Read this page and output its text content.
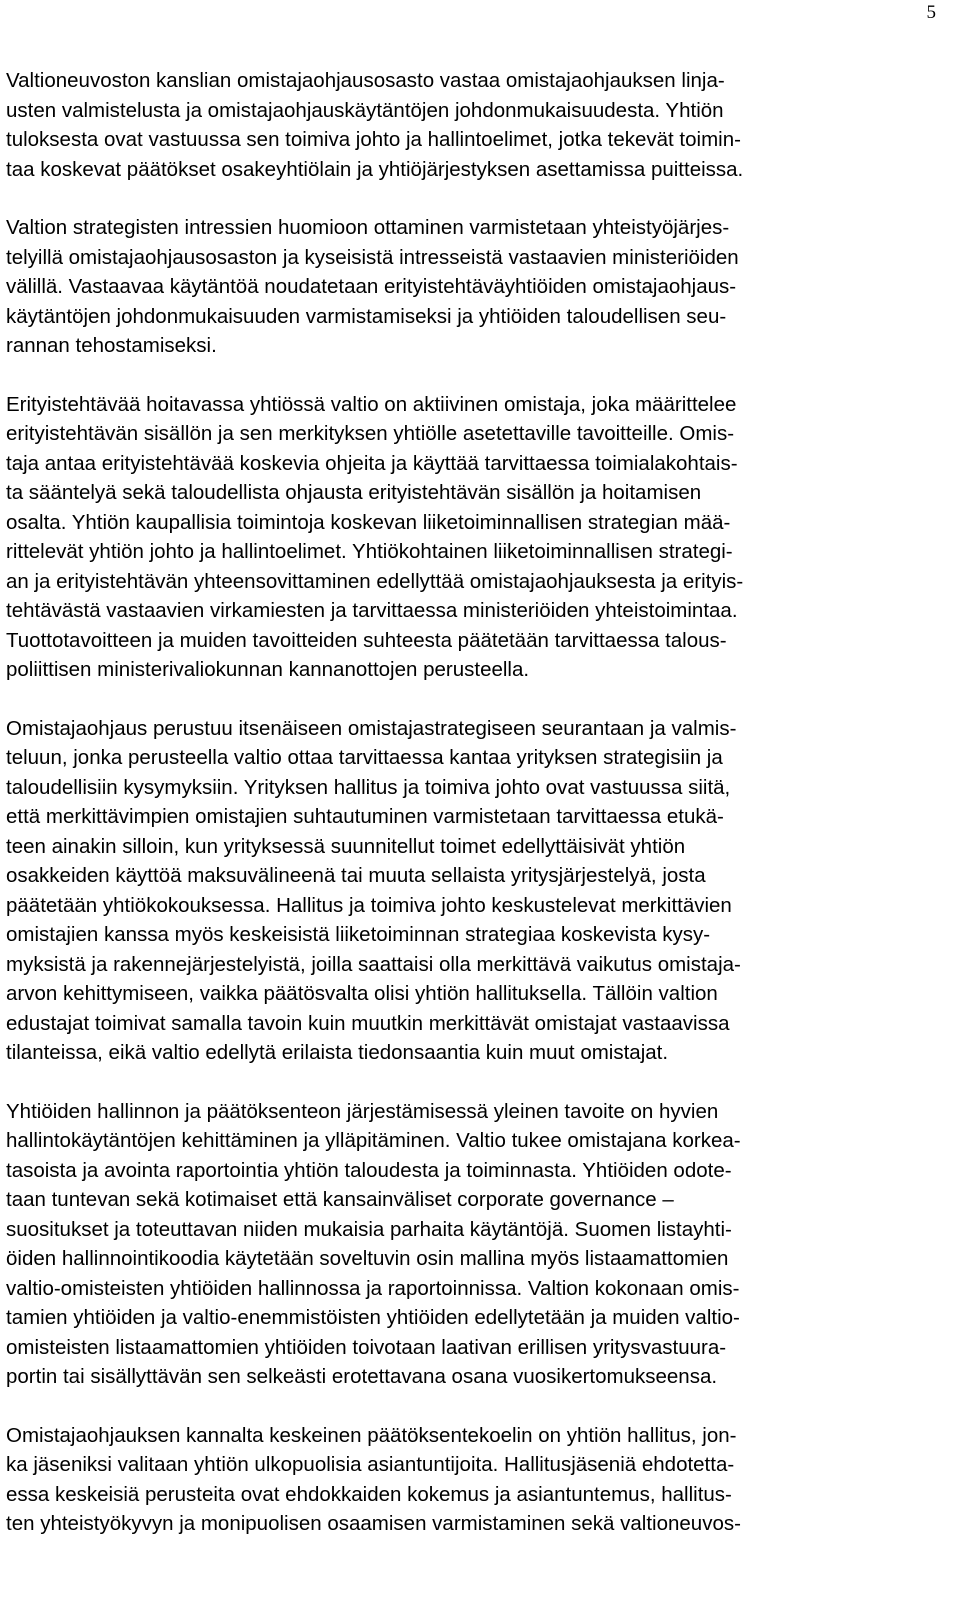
5
Valtioneuvoston kanslian omistajaohjausosasto vastaa omistajaohjauksen linja-
usten valmistelusta ja omistajaohjauskäytäntöjen johdonmukaisuudesta. Yhtiön
tuloksesta ovat vastuussa sen toimiva johto ja hallintoelimet, jotka tekevät toimin-
taa koskevat päätökset osakeyhtiölain ja yhtiöjärjestyksen asettamissa puitteissa.
Valtion strategisten intressien huomioon ottaminen varmistetaan yhteistyöjärjes-
telyillä omistajaohjausosaston ja kyseisistä intresseistä vastaavien ministeriöiden
välillä. Vastaavaa käytäntöä noudatetaan erityistehtäväyhtiöiden omistajaohjaus-
käytäntöjen johdonmukaisuuden varmistamiseksi ja yhtiöiden taloudellisen seu-
rannan tehostamiseksi.
Erityistehtävää hoitavassa yhtiössä valtio on aktiivinen omistaja, joka määrittelee
erityistehtävän sisällön ja sen merkityksen yhtiölle asetettaville tavoitteille. Omis-
taja antaa erityistehtävää koskevia ohjeita ja käyttää tarvittaessa toimialakohtais-
ta sääntelyä sekä taloudellista ohjausta erityistehtävän sisällön ja hoitamisen
osalta. Yhtiön kaupallisia toimintoja koskevan liiketoiminnallisen strategian mää-
rittelevät yhtiön johto ja hallintoelimet. Yhtiökohtainen liiketoiminnallisen strategi-
an ja erityistehtävän yhteensovittaminen edellyttää omistajaohjauksesta ja erityis-
tehtävästä vastaavien virkamiesten ja tarvittaessa ministeriöiden yhteistoimintaa.
Tuottotavoitteen ja muiden tavoitteiden suhteesta päätetään tarvittaessa talous-
poliittisen ministerivaliokunnan kannanottojen perusteella.
Omistajaohjaus perustuu itsenäiseen omistajastrategiseen seurantaan ja valmis-
teluun, jonka perusteella valtio ottaa tarvittaessa kantaa yrityksen strategisiin ja
taloudellisiin kysymyksiin. Yrityksen hallitus ja toimiva johto ovat vastuussa siitä,
että merkittävimpien omistajien suhtautuminen varmistetaan tarvittaessa etukä-
teen ainakin silloin, kun yrityksessä suunnitellut toimet edellyttäisivät yhtiön
osakkeiden käyttöä maksuvälineenä tai muuta sellaista yritysjärjestelyä, josta
päätetään yhtiökokouksessa. Hallitus ja toimiva johto keskustelevat merkittävien
omistajien kanssa myös keskeisistä liiketoiminnan strategiaa koskevista kysy-
myksistä ja rakennejärjestelyistä, joilla saattaisi olla merkittävä vaikutus omistaja-
arvon kehittymiseen, vaikka päätösvalta olisi yhtiön hallituksella. Tällöin valtion
edustajat toimivat samalla tavoin kuin muutkin merkittävät omistajat vastaavissa
tilanteissa, eikä valtio edellytä erilaista tiedonsaantia kuin muut omistajat.
Yhtiöiden hallinnon ja päätöksenteon järjestämisessä yleinen tavoite on hyvien
hallintokäytäntöjen kehittäminen ja ylläpitäminen. Valtio tukee omistajana korkea-
tasoista ja avointa raportointia yhtiön taloudesta ja toiminnasta. Yhtiöiden odote-
taan tuntevan sekä kotimaiset että kansainväliset corporate governance –
suositukset ja toteuttavan niiden mukaisia parhaita käytäntöjä. Suomen listayhti-
öiden hallinnointikoodia käytetään soveltuvin osin mallina myös listaamattomien
valtio-omisteisten yhtiöiden hallinnossa ja raportoinnissa. Valtion kokonaan omis-
tamien yhtiöiden ja valtio-enemmistöisten yhtiöiden edellytetään ja muiden valtio-
omisteisten listaamattomien yhtiöiden toivotaan laativan erillisen yritysvastuura-
portin tai sisällyttävän sen selkeästi erotettavana osana vuosikertomukseensa.
Omistajaohjauksen kannalta keskeinen päätöksentekoelin on yhtiön hallitus, jon-
ka jäseniksi valitaan yhtiön ulkopuolisia asiantuntijoita. Hallitusjäseniä ehdotetta-
essa keskeisiä perusteita ovat ehdokkaiden kokemus ja asiantuntemus, hallitus-
ten yhteistyökyvyn ja monipuolisen osaamisen varmistaminen sekä valtioneuvos-
